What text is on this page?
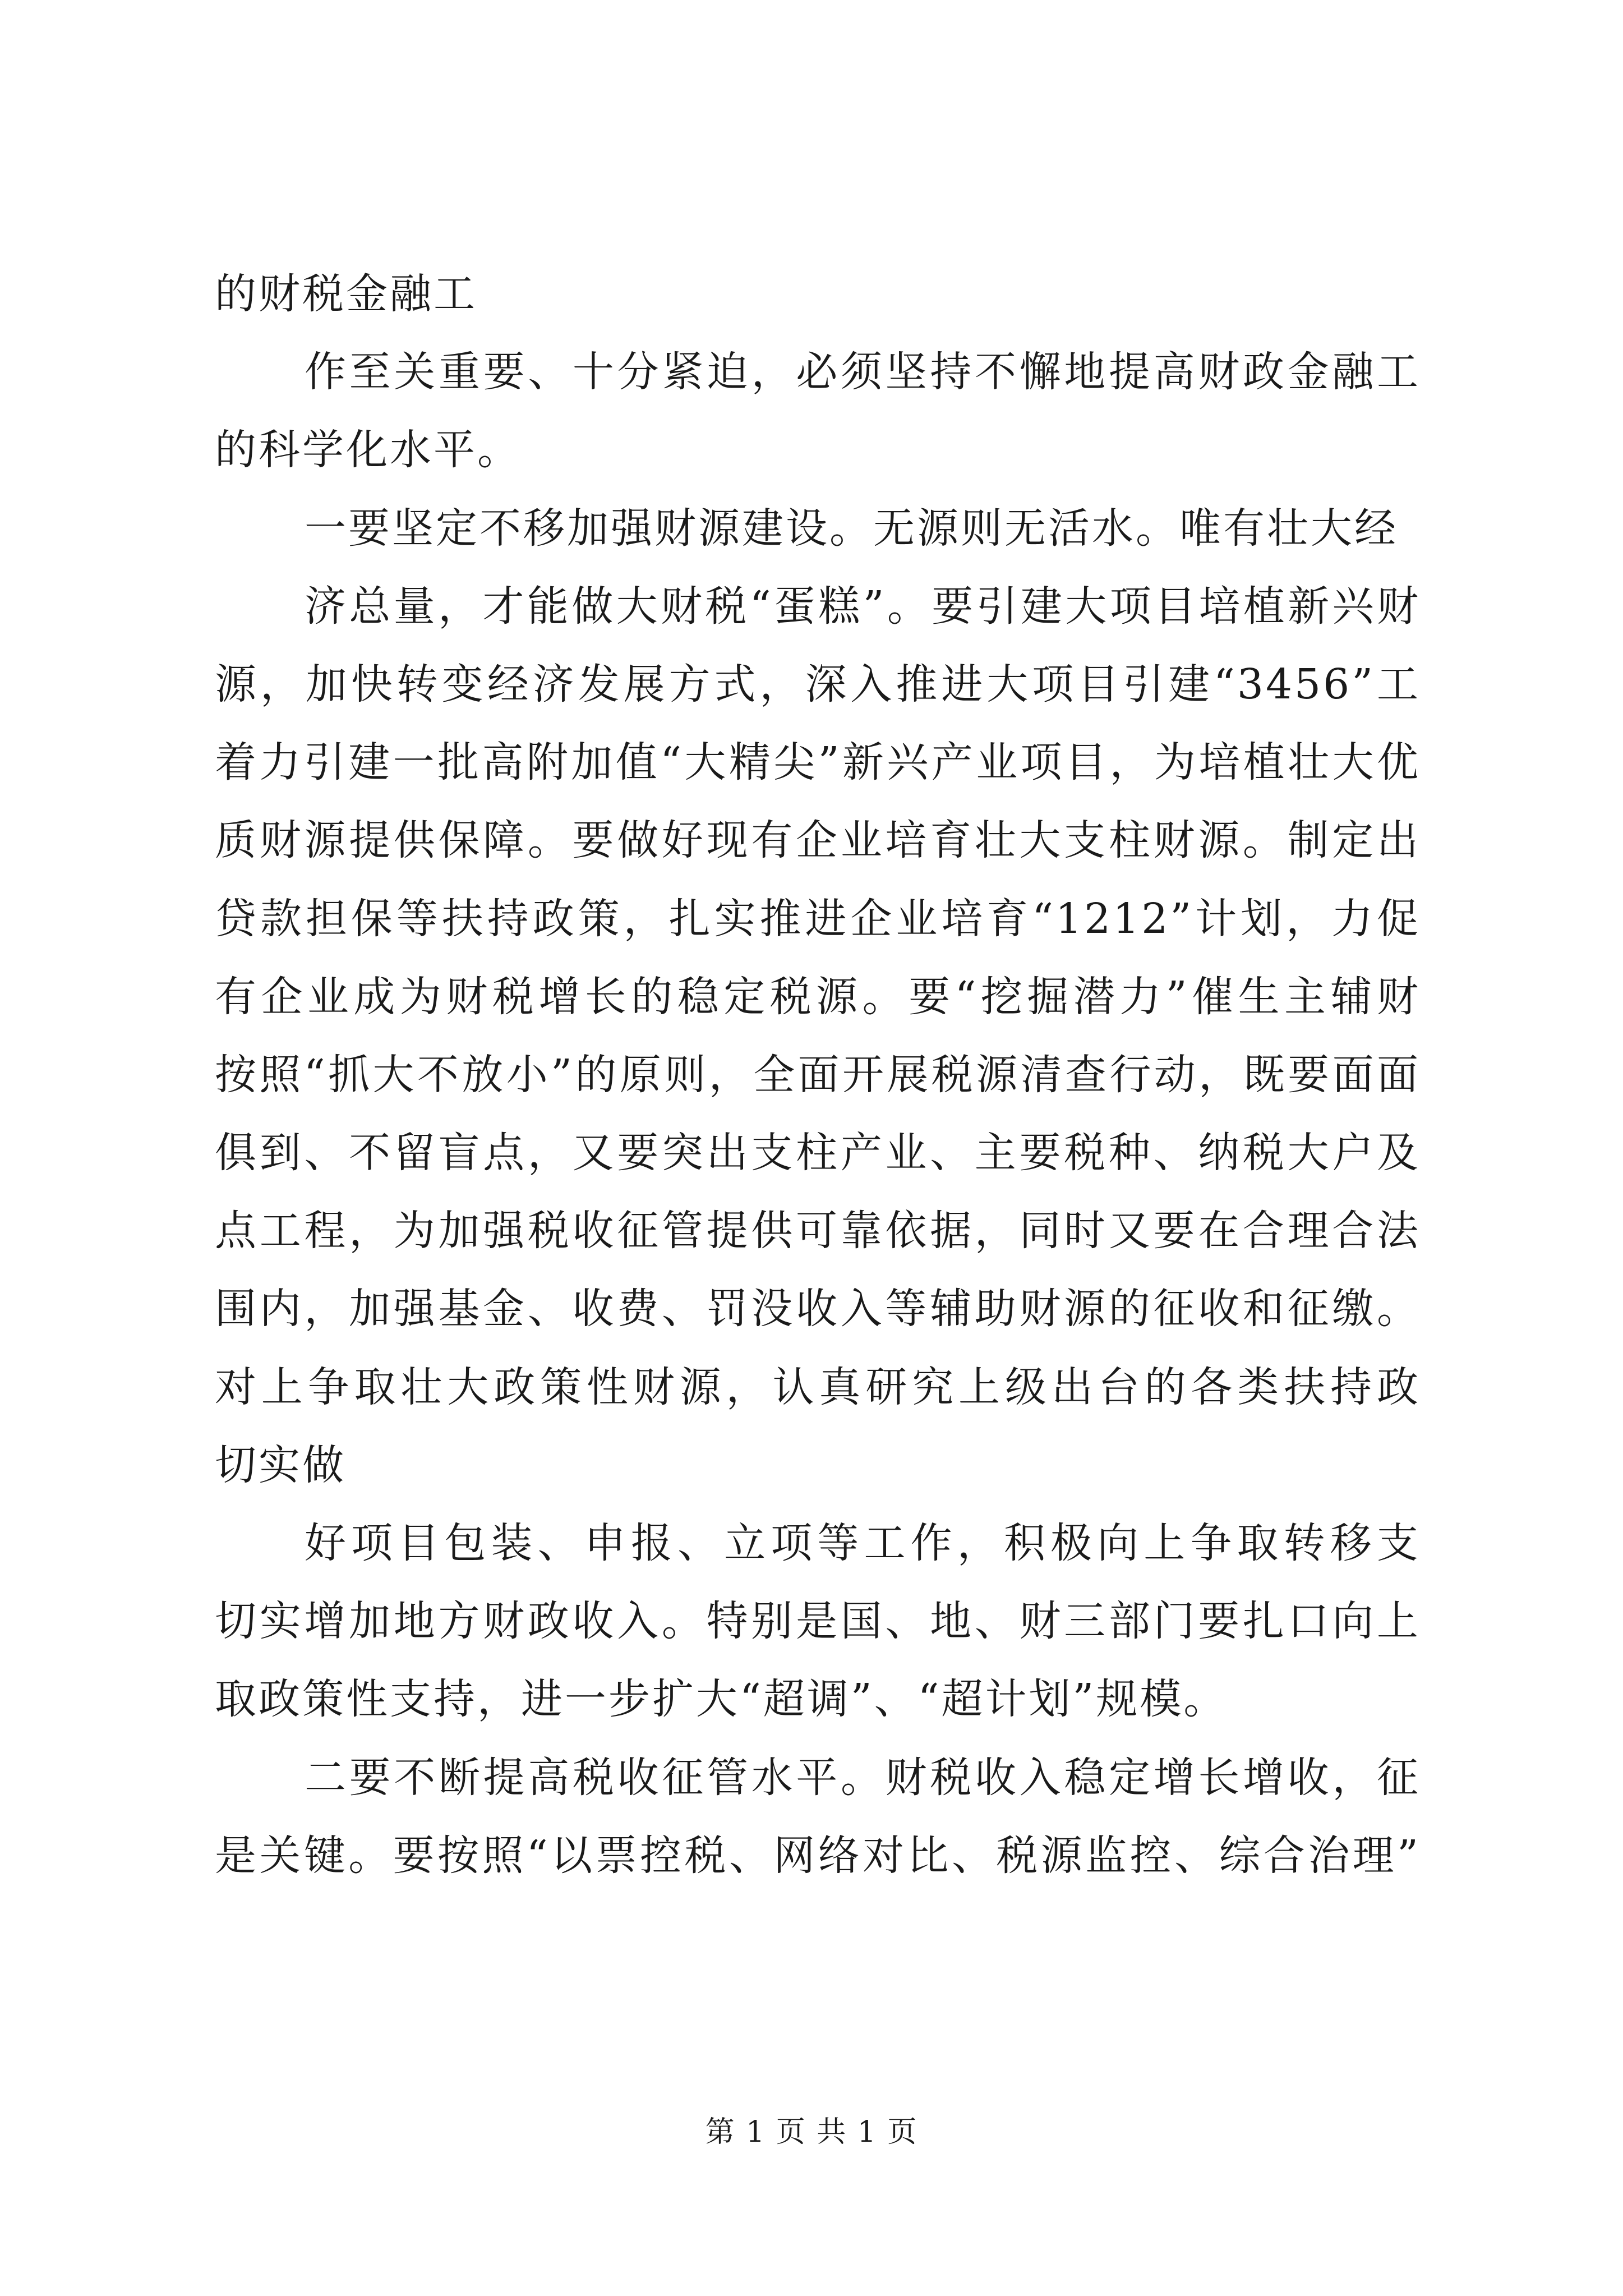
的财税金融工
作至关重要、十分紧迫，必须坚持不懈地提高财政金融工
的科学化水平。
一要坚定不移加强财源建设。无源则无活水。唯有壮大经
济总量，才能做大财税“蛋糕”。要引建大项目培植新兴财
源，加快转变经济发展方式，深入推进大项目引建“3456”工
着力引建一批高附加值“大精尖”新兴产业项目，为培植壮大优
质财源提供保障。要做好现有企业培育壮大支柱财源。制定出
贷款担保等扶持政策，扎实推进企业培育“1212”计划，力促
有企业成为财税增长的稳定税源。要“挖掘潜力”催生主辅财
按照“抓大不放小”的原则，全面开展税源清查行动，既要面面
俱到、不留盲点，又要突出支柱产业、主要税种、纳税大户及
点工程，为加强税收征管提供可靠依据，同时又要在合理合法
围内，加强基金、收费、罚没收入等辅助财源的征收和征缴。
对上争取壮大政策性财源，认真研究上级出台的各类扶持政
切实做
好项目包装、申报、立项等工作，积极向上争取转移支
切实增加地方财政收入。特别是国、地、财三部门要扎口向上
取政策性支持，进一步扩大“超调”、“超计划”规模。
二要不断提高税收征管水平。财税收入稳定增长增收，征
是关键。要按照“以票控税、网络对比、税源监控、综合治理”
第 1 页 共 1 页
